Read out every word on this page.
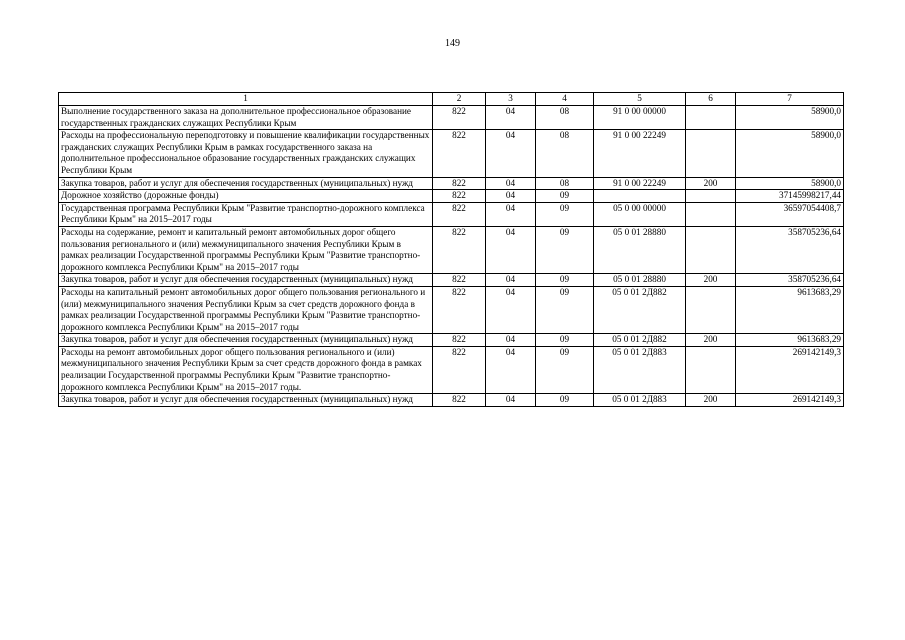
149
1	2	3	4	5	6	7
Выполнение государственного заказа на дополнительное профессиональное образование государственных гражданских служащих Республики Крым	822	04	08	91 0 00 00000		58900,0
Расходы на профессиональную переподготовку и повышение квалификации государственных гражданских служащих Республики Крым в рамках государственного заказа на дополнительное профессиональное образование государственных гражданских служащих Республики Крым	822	04	08	91 0 00 22249		58900,0
Закупка товаров, работ и услуг для обеспечения государственных (муниципальных) нужд	822	04	08	91 0 00 22249	200	58900,0
Дорожное хозяйство (дорожные фонды)	822	04	09			37145998217,44
Государственная программа Республики Крым "Развитие транспортно-дорожного комплекса Республики Крым" на 2015–2017 годы	822	04	09	05 0 00 00000		36597054408,7
Расходы на содержание, ремонт и капитальный ремонт автомобильных дорог общего пользования регионального и (или) межмуниципального значения Республики Крым в рамках реализации Государственной программы Республики Крым "Развитие транспортно-дорожного комплекса Республики Крым" на 2015–2017 годы	822	04	09	05 0 01 28880		358705236,64
Закупка товаров, работ и услуг для обеспечения государственных (муниципальных) нужд	822	04	09	05 0 01 28880	200	358705236,64
Расходы на капитальный ремонт автомобильных дорог общего пользования регионального и (или) межмуниципального значения Республики Крым за счет средств дорожного фонда в рамках реализации Государственной программы Республики Крым "Развитие транспортно-дорожного комплекса Республики Крым" на 2015–2017 годы	822	04	09	05 0 01 2Д882		9613683,29
Закупка товаров, работ и услуг для обеспечения государственных (муниципальных) нужд	822	04	09	05 0 01 2Д882	200	9613683,29
Расходы на ремонт автомобильных дорог общего пользования регионального и (или) межмуниципального значения Республики Крым за счет средств дорожного фонда в рамках реализации Государственной программы Республики Крым "Развитие транспортно-дорожного комплекса Республики Крым" на 2015–2017 годы.	822	04	09	05 0 01 2Д883		269142149,3
Закупка товаров, работ и услуг для обеспечения государственных (муниципальных) нужд	822	04	09	05 0 01 2Д883	200	269142149,3
